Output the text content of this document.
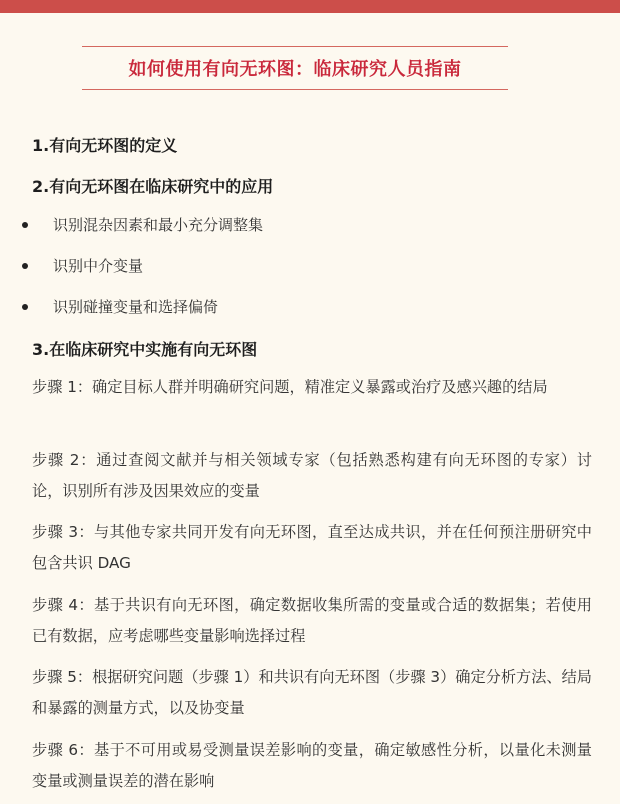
如何使用有向无环图：临床研究人员指南
1.有向无环图的定义
2.有向无环图在临床研究中的应用
识别混杂因素和最小充分调整集
识别中介变量
识别碰撞变量和选择偏倚
3.在临床研究中实施有向无环图
步骤 1：确定目标人群并明确研究问题，精准定义暴露或治疗及感兴趣的结局
步骤 2：通过查阅文献并与相关领域专家（包括熟悉构建有向无环图的专家）讨论，识别所有涉及因果效应的变量
步骤 3：与其他专家共同开发有向无环图，直至达成共识，并在任何预注册研究中包含共识 DAG
步骤 4：基于共识有向无环图，确定数据收集所需的变量或合适的数据集；若使用已有数据，应考虑哪些变量影响选择过程
步骤 5：根据研究问题（步骤 1）和共识有向无环图（步骤 3）确定分析方法、结局和暴露的测量方式，以及协变量
步骤 6：基于不可用或易受测量误差影响的变量，确定敏感性分析，以量化未测量变量或测量误差的潜在影响
